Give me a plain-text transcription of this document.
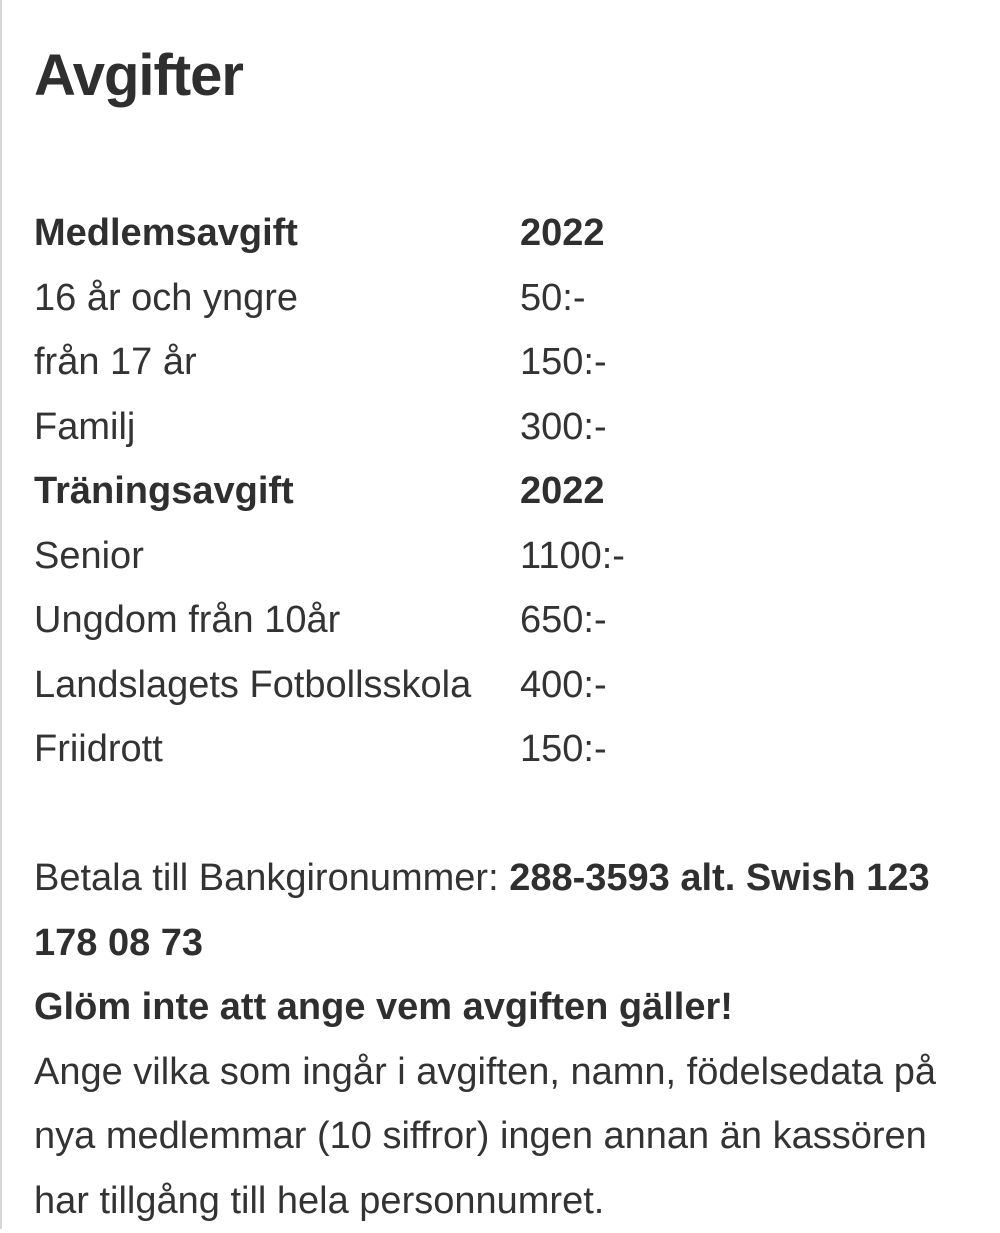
Avgifter
Medlemsavgift	2022
16 år och yngre	50:-
från 17 år	150:-
Familj	300:-
Träningsavgift	2022
Senior	1100:-
Ungdom från 10år	650:-
Landslagets Fotbollsskola	400:-
Friidrott	150:-

Betala till Bankgironummer: 288-3593 alt. Swish 123 178 08 73

Glöm inte att ange vem avgiften gäller!

Ange vilka som ingår i avgiften, namn, födelsedata på nya medlemmar (10 siffror) ingen annan än kassören har tillgång till hela personnumret.
